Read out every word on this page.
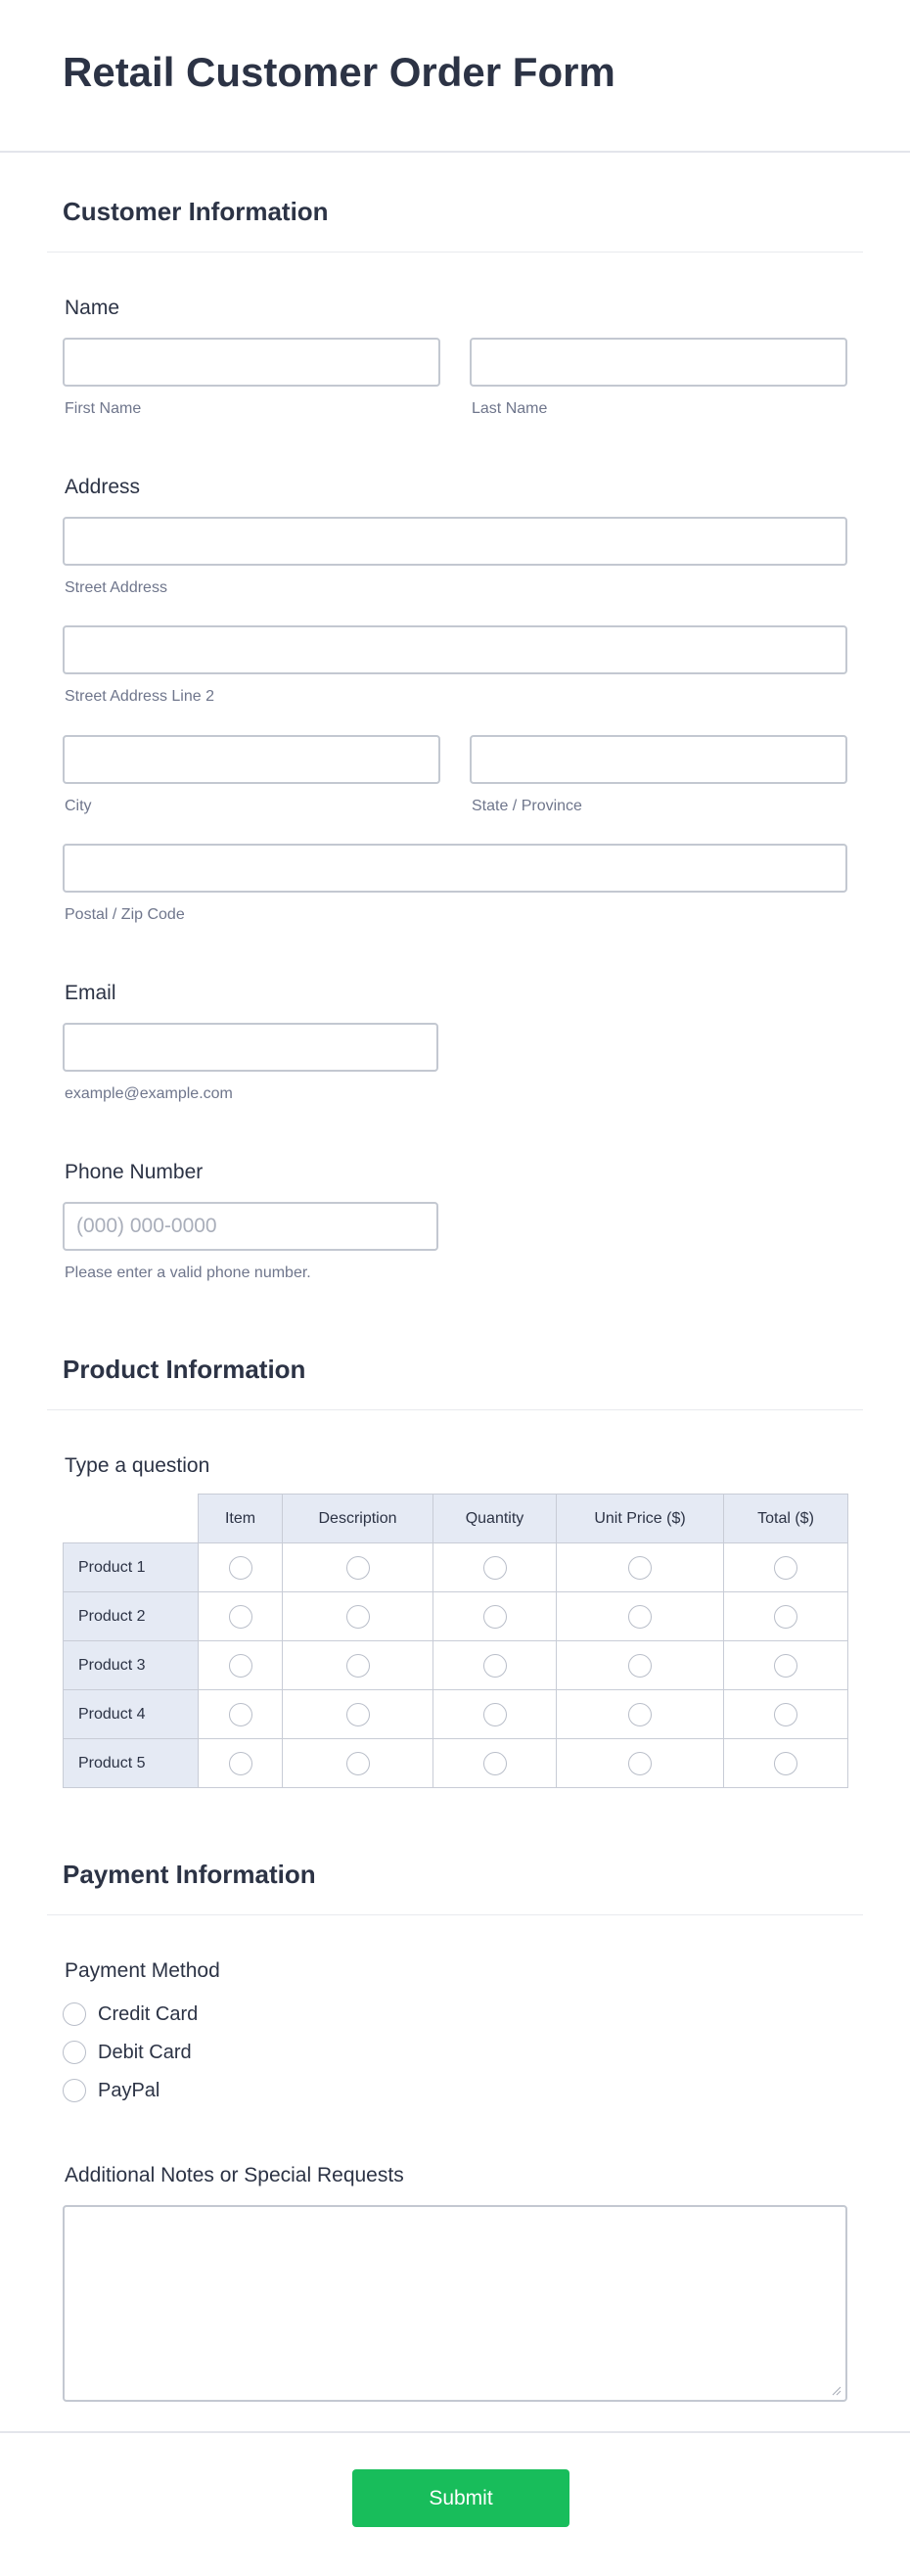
Retail Customer Order Form
Customer Information
Name
First Name	Last Name
Address
Street Address
Street Address Line 2
City	State / Province
Postal / Zip Code
Email
example@example.com
Phone Number
(000) 000-0000
Please enter a valid phone number.
Product Information
Type a question
	Item	Description	Quantity	Unit Price ($)	Total ($)
Product 1					
Product 2					
Product 3					
Product 4					
Product 5					
Payment Information
Payment Method
Credit Card
Debit Card
PayPal
Additional Notes or Special Requests
Submit
